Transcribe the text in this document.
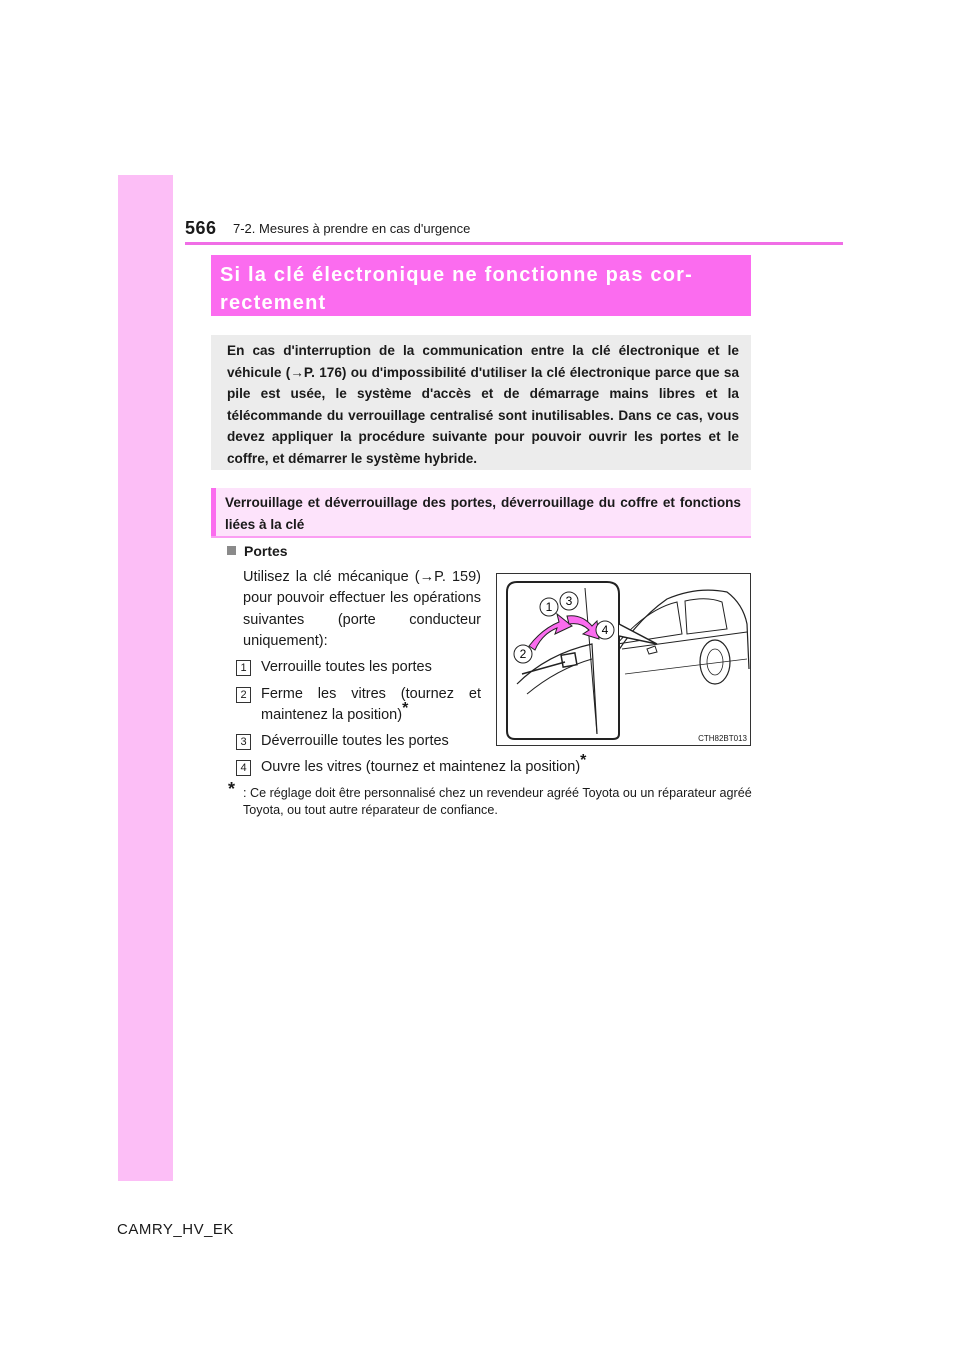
566 7-2. Mesures à prendre en cas d'urgence
Si la clé électronique ne fonctionne pas cor-
rectement
En cas d'interruption de la communication entre la clé électronique et le véhicule (→P. 176) ou d'impossibilité d'utiliser la clé électronique parce que sa pile est usée, le système d'accès et de démarrage mains libres et la télécommande du verrouillage centralisé sont inutilisables. Dans ce cas, vous devez appliquer la procédure suivante pour pouvoir ouvrir les portes et le coffre, et démarrer le système hybride.
Verrouillage et déverrouillage des portes, déverrouillage du coffre et fonctions liées à la clé
Portes
Utilisez la clé mécanique (→P. 159) pour pouvoir effectuer les opérations suivantes (porte conducteur uniquement):
1 Verrouille toutes les portes
2 Ferme les vitres (tournez et maintenez la position)*
3 Déverrouille toutes les portes
4 Ouvre les vitres (tournez et maintenez la position)*
* : Ce réglage doit être personnalisé chez un revendeur agréé Toyota ou un réparateur agréé Toyota, ou tout autre réparateur de confiance.
1
2
3
4
CTH82BT013
CAMRY_HV_EK
